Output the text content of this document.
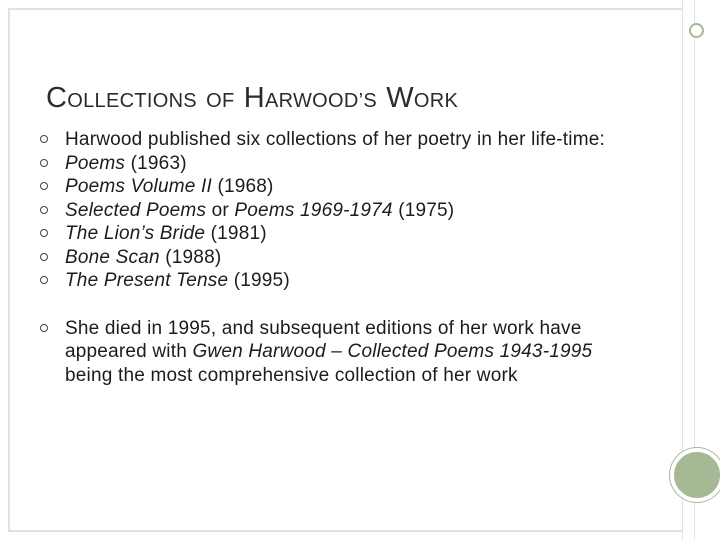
COLLECTIONS OF HARWOOD’S WORK
Harwood published six collections of her poetry in her life-time:
Poems (1963)
Poems Volume II (1968)
Selected Poems or Poems 1969-1974 (1975)
The Lion’s Bride (1981)
Bone Scan (1988)
The Present Tense (1995)
She died in 1995, and subsequent editions of her work have appeared with Gwen Harwood – Collected Poems 1943-1995 being the most comprehensive collection of her work
